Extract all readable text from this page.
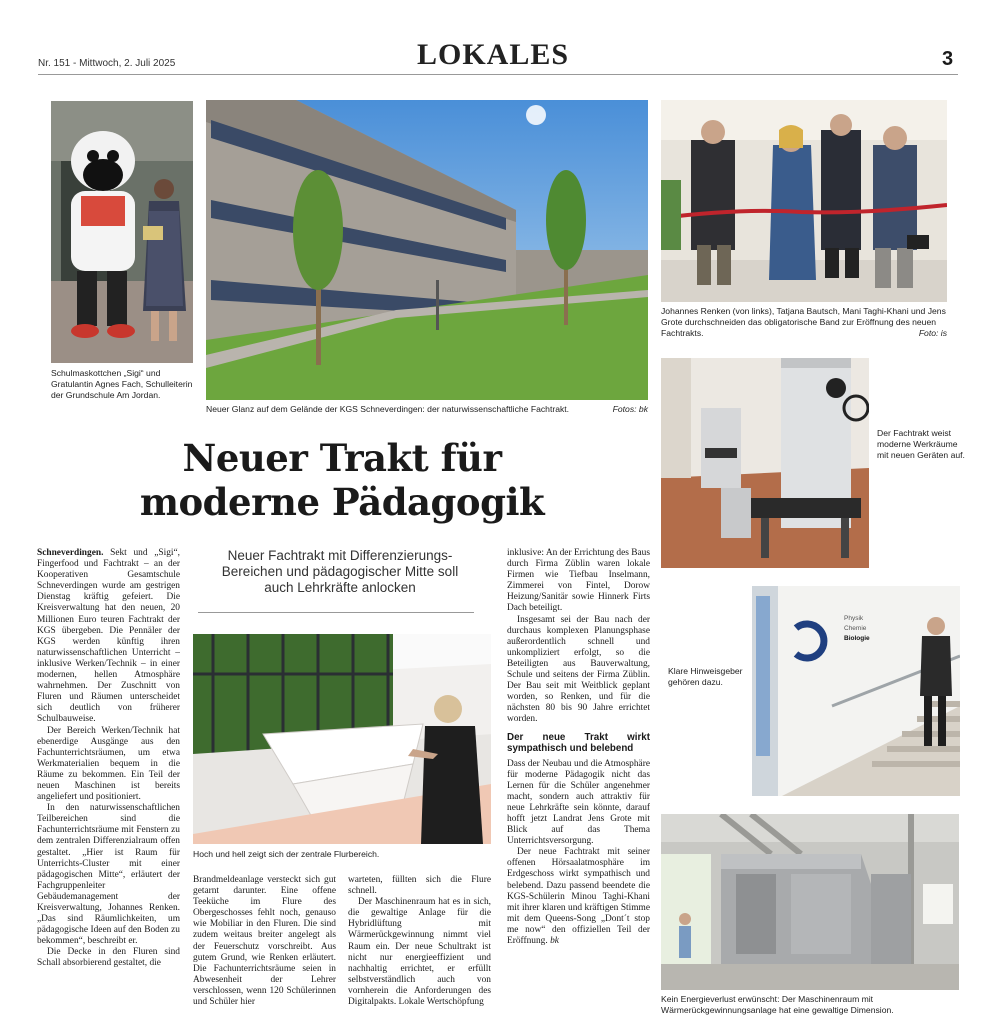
Nr. 151 - Mittwoch, 2. Juli 2025	LOKALES	3
Schulmaskottchen „Sigi“ und Gratulantin Agnes Fach, Schulleiterin der Grundschule Am Jordan.
Neuer Glanz auf dem Gelände der KGS Schneverdingen: der naturwissenschaftliche Fachtrakt.	Fotos: bk
Johannes Renken (von links), Tatjana Bautsch, Mani Taghi-Khani und Jens Grote durchschneiden das obligatorische Band zur Eröffnung des neuen Fachtrakts.	Foto: is
Der Fachtrakt weist moderne Werkräume mit neuen Geräten auf.
Neuer Trakt für
moderne Pädagogik
Neuer Fachtrakt mit Differenzierungs-Bereichen und pädagogischer Mitte soll auch Lehrkräfte anlocken
Hoch und hell zeigt sich der zentrale Flurbereich.
Physik
Chemie
Biologie
Klare Hinweisgeber gehören dazu.
Kein Energieverlust erwünscht: Der Maschinenraum mit Wärmerückgewinnungsanlage hat eine gewaltige Dimension.

Schneverdingen. Sekt und „Sigi“, Fingerfood und Fachtrakt – an der Kooperativen Gesamtschule Schneverdingen wurde am gestrigen Dienstag kräftig gefeiert. Die Kreisverwaltung hat den neuen, 20 Millionen Euro teuren Fachtrakt der KGS übergeben. Die Pennäler der KGS werden künftig ihren naturwissenschaftlichen Unterricht – inklusive Werken/Technik – in einer modernen, hellen Atmosphäre wahrnehmen. Der Zuschnitt von Fluren und Räumen unterscheidet sich deutlich von früherer Schulbauweise.

Der Bereich Werken/Technik hat ebenerdige Ausgänge aus den Fachunterrichtsräumen, um etwa Werkmaterialien bequem in die Räume zu bekommen. Ein Teil der neuen Maschinen ist bereits angeliefert und positioniert.

In den naturwissenschaftlichen Teilbereichen sind die Fachunterrichtsräume mit Fenstern zu dem zentralen Differenzialraum offen gestaltet. „Hier ist Raum für Unterrichts-Cluster mit einer pädagogischen Mitte“, erläutert der Fachgruppenleiter Gebäudemanagement der Kreisverwaltung, Johannes Renken. „Das sind Räumlichkeiten, um pädagogische Ideen auf den Boden zu bekommen“, beschreibt er.

Die Decke in den Fluren sind Schall absorbierend gestaltet, die

Brandmeldeanlage versteckt sich gut getarnt darunter. Eine offene Teeküche im Flure des Obergeschosses fehlt noch, genauso wie Mobiliar in den Fluren. Die sind zudem weitaus breiter angelegt als der Feuerschutz vorschreibt. Aus gutem Grund, wie Renken erläutert. Die Fachunterrichtsräume seien in Abwesenheit der Lehrer verschlossen, wenn 120 Schülerinnen und Schüler hier

warteten, füllten sich die Flure schnell.

Der Maschinenraum hat es in sich, die gewaltige Anlage für die Hybridlüftung mit Wärmerückgewinnung nimmt viel Raum ein. Der neue Schultrakt ist nicht nur energieeffizient und nachhaltig errichtet, er erfüllt selbstverständlich auch von vornherein die Anforderungen des Digitalpakts. Lokale Wertschöpfung

inklusive: An der Errichtung des Baus durch Firma Züblin waren lokale Firmen wie Tiefbau Inselmann, Zimmerei von Fintel, Dorow Heizung/Sanitär sowie Hinnerk Firts Dach beteiligt.

Insgesamt sei der Bau nach der durchaus komplexen Planungsphase außerordentlich schnell und unkompliziert erfolgt, so die Beteiligten aus Bauverwaltung, Schule und seitens der Firma Züblin. Der Bau seit mit Weitblick geplant worden, so Renken, und für die nächsten 80 bis 90 Jahre errichtet worden.

Der neue Trakt wirkt sympathisch und belebend

Dass der Neubau und die Atmosphäre für moderne Pädagogik nicht das Lernen für die Schüler angenehmer macht, sondern auch attraktiv für neue Lehrkräfte sein könnte, darauf hofft jetzt Landrat Jens Grote mit Blick auf das Thema Unterrichtsversorgung.

Der neue Fachtrakt mit seiner offenen Hörsaalatmosphäre im Erdgeschoss wirkt sympathisch und belebend. Dazu passend beendete die KGS-Schülerin Minou Taghi-Khani mit ihrer klaren und kräftigen Stimme mit dem Queens-Song „Dont´t stop me now“ den offiziellen Teil der Eröffnung. bk
